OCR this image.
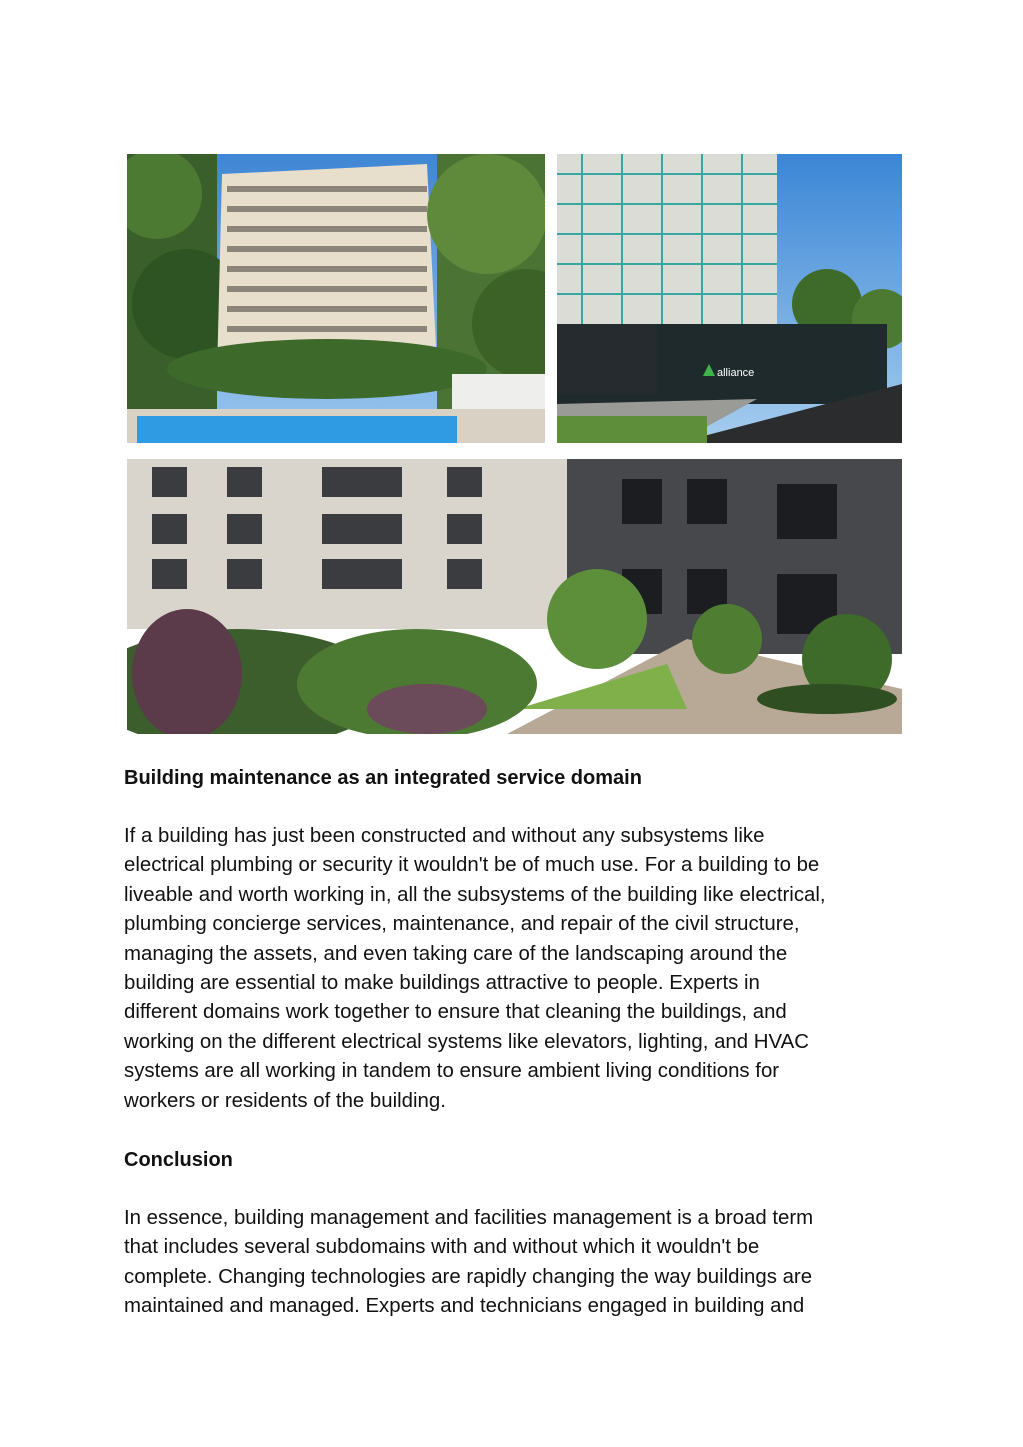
alliance
Building maintenance as an integrated service domain

If a building has just been constructed and without any subsystems like
electrical plumbing or security it wouldn't be of much use. For a building to be
liveable and worth working in, all the subsystems of the building like electrical,
plumbing concierge services, maintenance, and repair of the civil structure,
managing the assets, and even taking care of the landscaping around the
building are essential to make buildings attractive to people. Experts in
different domains work together to ensure that cleaning the buildings, and
working on the different electrical systems like elevators, lighting, and HVAC
systems are all working in tandem to ensure ambient living conditions for
workers or residents of the building.

Conclusion

In essence, building management and facilities management is a broad term
that includes several subdomains with and without which it wouldn't be
complete. Changing technologies are rapidly changing the way buildings are
maintained and managed. Experts and technicians engaged in building and
